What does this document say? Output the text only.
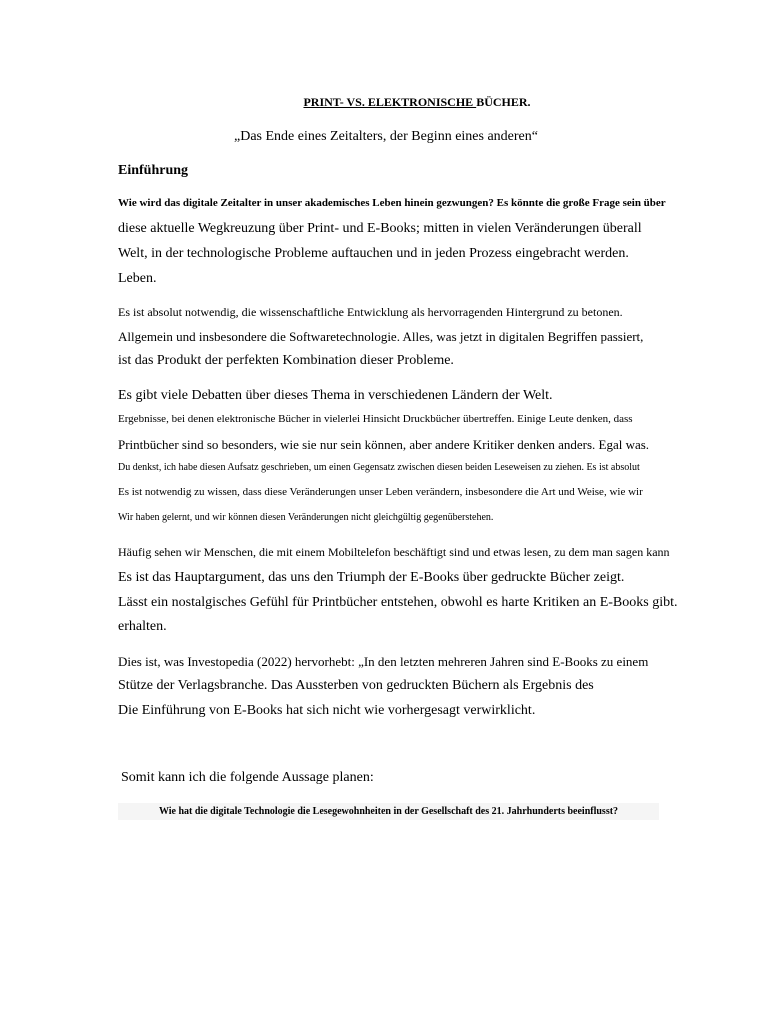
PRINT- VS. ELEKTRONISCHE BÜCHER.

„Das Ende eines Zeitalters, der Beginn eines anderen“

Einführung

Wie wird das digitale Zeitalter in unser akademisches Leben hinein gezwungen? Es könnte die große Frage sein über

diese aktuelle Wegkreuzung über Print- und E-Books; mitten in vielen Veränderungen überall

Welt, in der technologische Probleme auftauchen und in jeden Prozess eingebracht werden.

Leben.

Es ist absolut notwendig, die wissenschaftliche Entwicklung als hervorragenden Hintergrund zu betonen.

Allgemein und insbesondere die Softwaretechnologie. Alles, was jetzt in digitalen Begriffen passiert,

ist das Produkt der perfekten Kombination dieser Probleme.

Es gibt viele Debatten über dieses Thema in verschiedenen Ländern der Welt.

Ergebnisse, bei denen elektronische Bücher in vielerlei Hinsicht Druckbücher übertreffen. Einige Leute denken, dass

Printbücher sind so besonders, wie sie nur sein können, aber andere Kritiker denken anders. Egal was.

Du denkst, ich habe diesen Aufsatz geschrieben, um einen Gegensatz zwischen diesen beiden Leseweisen zu ziehen. Es ist absolut

Es ist notwendig zu wissen, dass diese Veränderungen unser Leben verändern, insbesondere die Art und Weise, wie wir

Wir haben gelernt, und wir können diesen Veränderungen nicht gleichgültig gegenüberstehen.

Häufig sehen wir Menschen, die mit einem Mobiltelefon beschäftigt sind und etwas lesen, zu dem man sagen kann

Es ist das Hauptargument, das uns den Triumph der E-Books über gedruckte Bücher zeigt.

Lässt ein nostalgisches Gefühl für Printbücher entstehen, obwohl es harte Kritiken an E-Books gibt.

erhalten.

Dies ist, was Investopedia (2022) hervorhebt: „In den letzten mehreren Jahren sind E-Books zu einem

Stütze der Verlagsbranche. Das Aussterben von gedruckten Büchern als Ergebnis des

Die Einführung von E-Books hat sich nicht wie vorhergesagt verwirklicht.

Somit kann ich die folgende Aussage planen:

Wie hat die digitale Technologie die Lesegewohnheiten in der Gesellschaft des 21. Jahrhunderts beeinflusst?
